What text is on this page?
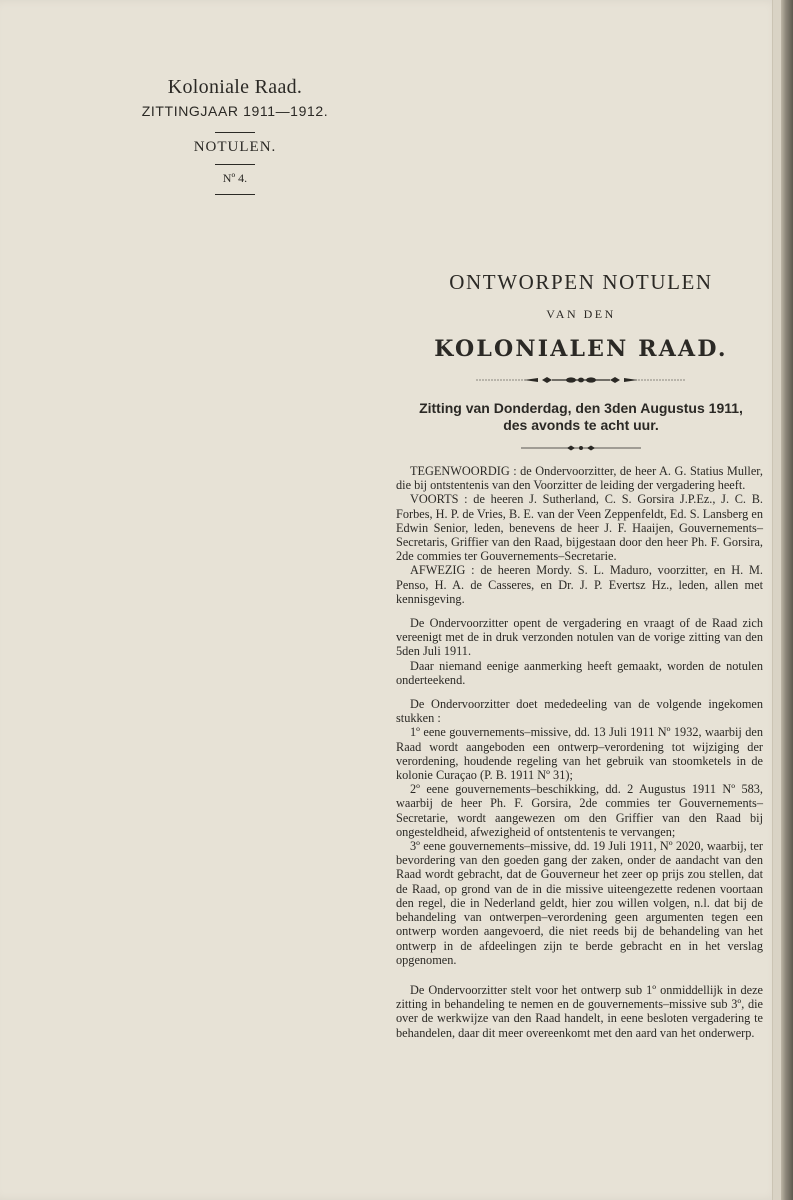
Koloniale Raad.
ZITTINGJAAR 1911—1912.
NOTULEN.
Nº 4.
ONTWORPEN NOTULEN
VAN DEN
KOLONIALEN RAAD.
Zitting van Donderdag, den 3den Augustus 1911,
des avonds te acht uur.

TEGENWOORDIG : de Ondervoorzitter, de heer A. G. Statius Muller, die bij ontstentenis van den Voorzitter de leiding der vergadering heeft.

VOORTS : de heeren J. Sutherland, C. S. Gorsira J.P.Ez., J. C. B. Forbes, H. P. de Vries, B. E. van der Veen Zeppenfeldt, Ed. S. Lansberg en Edwin Senior, leden, benevens de heer J. F. Haaijen, Gouvernements–Secretaris, Griffier van den Raad, bijgestaan door den heer Ph. F. Gorsira, 2de commies ter Gouvernements–Secretarie.

AFWEZIG : de heeren Mordy. S. L. Maduro, voorzitter, en H. M. Penso, H. A. de Casseres, en Dr. J. P. Evertsz Hz., leden, allen met kennisgeving.

De Ondervoorzitter opent de vergadering en vraagt of de Raad zich vereenigt met de in druk verzonden notulen van de vorige zitting van den 5den Juli 1911.

Daar niemand eenige aanmerking heeft gemaakt, worden de notulen onderteekend.

De Ondervoorzitter doet mededeeling van de volgende ingekomen stukken :

1º eene gouvernements–missive, dd. 13 Juli 1911 Nº 1932, waarbij den Raad wordt aangeboden een ontwerp–verordening tot wijziging der verordening, houdende regeling van het gebruik van stoomketels in de kolonie Curaçao (P. B. 1911 Nº 31);

2º eene gouvernements–beschikking, dd. 2 Augustus 1911 Nº 583, waarbij de heer Ph. F. Gorsira, 2de commies ter Gouvernements–Secretarie, wordt aangewezen om den Griffier van den Raad bij ongesteldheid, afwezigheid of ontstentenis te vervangen;

3º eene gouvernements–missive, dd. 19 Juli 1911, Nº 2020, waarbij, ter bevordering van den goeden gang der zaken, onder de aandacht van den Raad wordt gebracht, dat de Gouverneur het zeer op prijs zou stellen, dat de Raad, op grond van de in die missive uiteengezette redenen voortaan den regel, die in Nederland geldt, hier zou willen volgen, n.l. dat bij de behandeling van ontwerpen–verordening geen argumenten tegen een ontwerp worden aangevoerd, die niet reeds bij de behandeling van het ontwerp in de afdeelingen zijn te berde gebracht en in het verslag opgenomen.

De Ondervoorzitter stelt voor het ontwerp sub 1º onmiddellijk in deze zitting in behandeling te nemen en de gouvernements–missive sub 3º, die over de werkwijze van den Raad handelt, in eene besloten vergadering te behandelen, daar dit meer overeenkomt met den aard van het onderwerp.
